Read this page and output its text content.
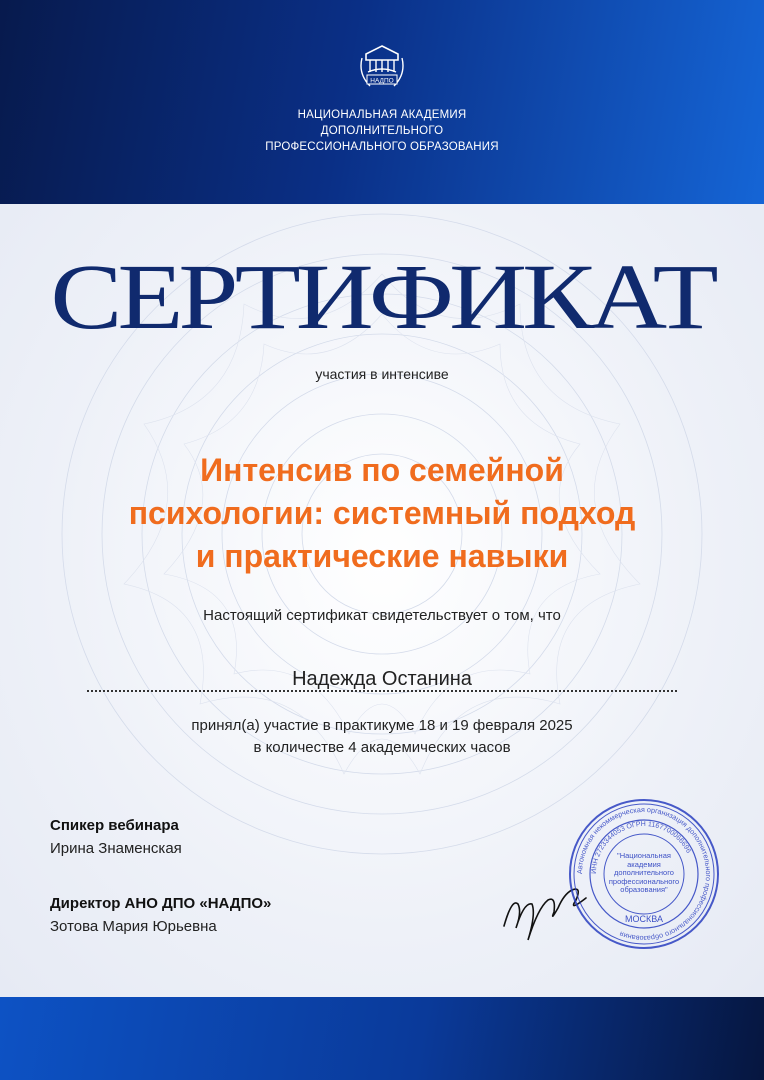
НАДПО
НАЦИОНАЛЬНАЯ АКАДЕМИЯ
ДОПОЛНИТЕЛЬНОГО
ПРОФЕССИОНАЛЬНОГО ОБРАЗОВАНИЯ
СЕРТИФИКАТ
участия в интенсиве
Интенсив по семейной
психологии: системный подход
и практические навыки
Настоящий сертификат свидетельствует о том, что
Надежда Останина
принял(а) участие в практикуме 18 и 19 февраля 2025
в количестве 4 академических часов
Спикер вебинара
Ирина Знаменская
Директор АНО ДПО «НАДПО»
Зотова Мария Юрьевна
Автономная некоммерческая организация дополнительного профессионального образования
ИНН 2723344053 ОГРН 1167700066696
"Национальная академия дополнительного профессионального образования"
МОСКВА
